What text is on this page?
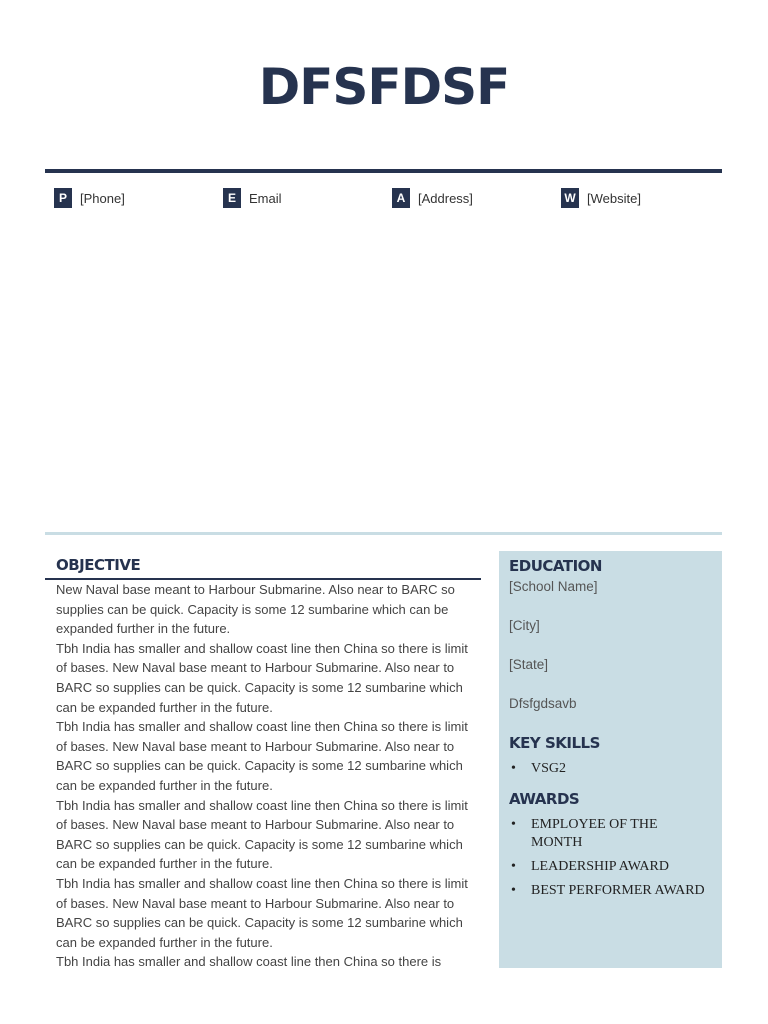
DFSFDSF
P	[Phone]	E	Email	A [Address]	W [Website]
OBJECTIVE

New Naval base meant to Harbour Submarine. Also near to BARC so supplies can be quick. Capacity is some 12 sumbarine which can be expanded further in the future.

Tbh India has smaller and shallow coast line then China so there is limit of bases. New Naval base meant to Harbour Submarine. Also near to BARC so supplies can be quick. Capacity is some 12 sumbarine which can be expanded further in the future.

Tbh India has smaller and shallow coast line then China so there is limit of bases. New Naval base meant to Harbour Submarine. Also near to BARC so supplies can be quick. Capacity is some 12 sumbarine which can be expanded further in the future.

Tbh India has smaller and shallow coast line then China so there is limit of bases. New Naval base meant to Harbour Submarine. Also near to BARC so supplies can be quick. Capacity is some 12 sumbarine which can be expanded further in the future.

Tbh India has smaller and shallow coast line then China so there is limit of bases. New Naval base meant to Harbour Submarine. Also near to BARC so supplies can be quick. Capacity is some 12 sumbarine which can be expanded further in the future.

Tbh India has smaller and shallow coast line then China so there is

EDUCATION
[School Name]
[City]
[State]
Dfsfgdsavb
KEY SKILLS
• VSG2
AWARDS
• EMPLOYEE OF THE MONTH
• LEADERSHIP AWARD
• BEST PERFORMER AWARD
